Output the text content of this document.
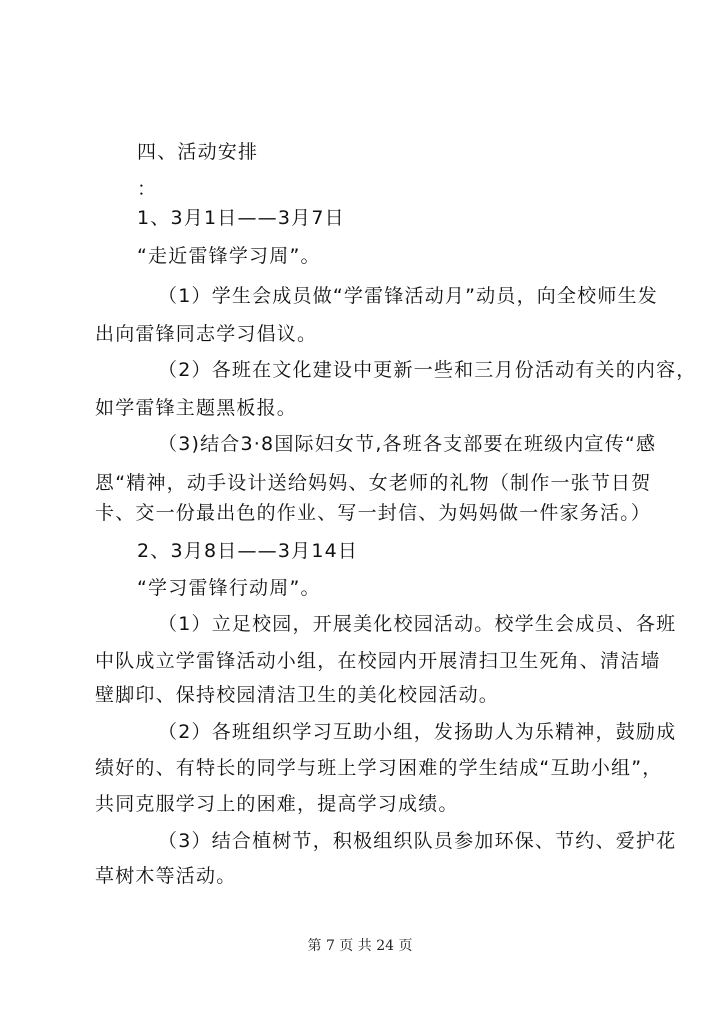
四、活动安排
：
1、3月1日——3月7日
“走近雷锋学习周”。
（1）学生会成员做“学雷锋活动月”动员，向全校师生发
出向雷锋同志学习倡议。
（2）各班在文化建设中更新一些和三月份活动有关的内容，
如学雷锋主题黑板报。
（3)结合3·8国际妇女节,各班各支部要在班级内宣传“感
恩“精神，动手设计送给妈妈、女老师的礼物（制作一张节日贺
卡、交一份最出色的作业、写一封信、为妈妈做一件家务活。）
2、3月8日——3月14日
“学习雷锋行动周”。
（1）立足校园，开展美化校园活动。校学生会成员、各班
中队成立学雷锋活动小组，在校园内开展清扫卫生死角、清洁墙
壁脚印、保持校园清洁卫生的美化校园活动。
（2）各班组织学习互助小组，发扬助人为乐精神，鼓励成
绩好的、有特长的同学与班上学习困难的学生结成“互助小组”，
共同克服学习上的困难，提高学习成绩。
（3）结合植树节，积极组织队员参加环保、节约、爱护花
草树木等活动。
第 7 页 共 24 页
